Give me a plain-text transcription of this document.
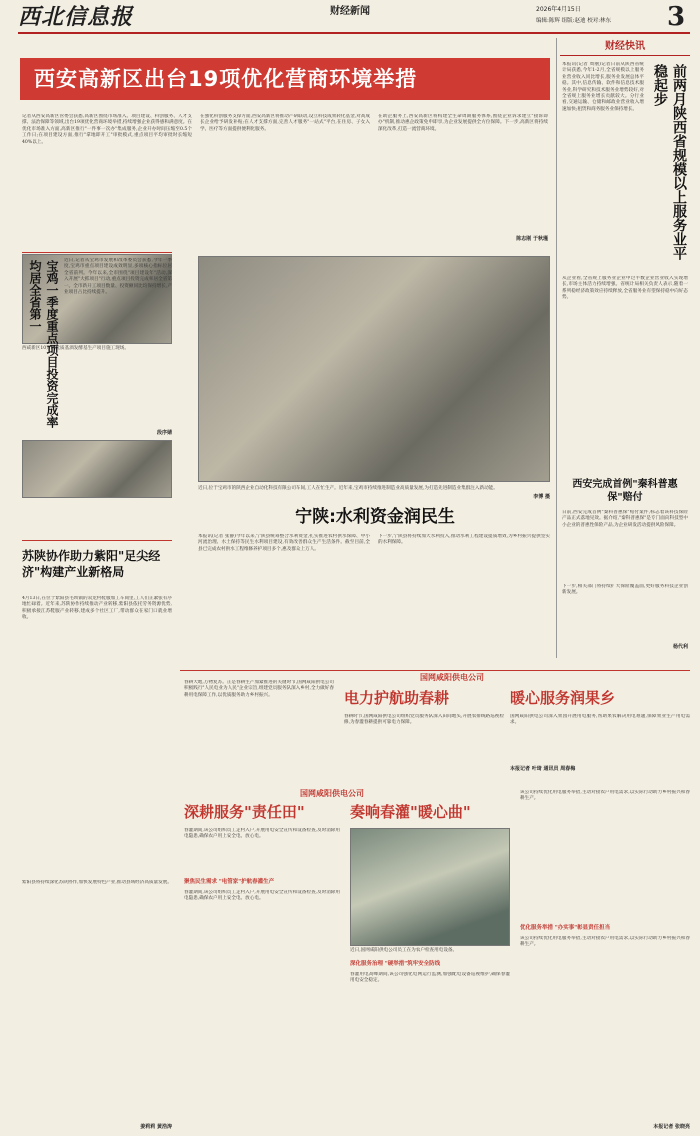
西北信息报	财经新闻	2026年4月15日	3
编辑:陈辉 组版:赵迪 校对:林东
西安高新区出台19项优化营商环境举措
记者从西安高新区管委会获悉,高新区围绕市场准入、项目建设、科创服务、人才支撑、法治保障等领域,出台19项优化营商环境举措,持续增强企业获得感和满意度。在优化市场准入方面,高新区推行"一件事一次办"集成服务,企业开办时间压缩至0.5个工作日;在项目建设方面,推行"拿地即开工"审批模式,重点项目平均审批时长缩短40%以上。
在强化科创服务支撑方面,西安高新区将推动产研联动,设立科技成果转化基金,对高成长企业给予研发补贴;在人才支撑方面,完善人才服务"一站式"平台,在住房、子女入学、医疗等方面提供便利化服务。
在助企服务上,西安高新区将构建全生命周期服务体系,围绕企业诉求建立"接诉即办"机制,推动惠企政策免申即享,为企业发展提供全方位保障。下一步,高新区将持续深化改革,打造一流营商环境。
陈志刚 于秋瑾
西咸新区10万吨优质基酒发酵基生产项目施工现场。
宝鸡一季度重点项目投资完成率均居全省第一	近日,记者从宝鸡市发展和改革委员会获悉,今年一季度,宝鸡市重点项目建设成效明显,多项核心指标位居全省前列。今年以来,全市围绕"项目建设年"活动,深入开展"大抓项目"行动,重点项目投资完成率居全省第一。全市新开工项目数量、投资额同比均保持增长,产业项目占比持续提升。
段序婧
近日,位于宝鸡市的陕西企业自动化科技有限公司车间,工人在忙生产。近年来,宝鸡市持续推进制造业高质量发展,为打造先进制造业集群注入新动能。
李博 摄
宁陕:水利资金润民生
本报讯(记者 张静)今年以来,宁陕县统筹整合水利资金,扎实推进农村供水保障、中小河流治理、水土保持等民生水利项目建设,有效改善群众生产生活条件。截至目前,全县已完成农村供水工程维修养护项目多个,惠及群众上万人。
下一步,宁陕县将持续加大水利投入,推动水利工程建设提质增效,为乡村振兴提供坚实的水利保障。
苏陕协作助力紫阳"足尖经济"构建产业新格局
4月13日,在位于紫阳县毛坝镇的双龙村鞋服加工车间里,工人们正紧张有序地忙碌着。近年来,苏陕协作持续推动产业转移,紫阳县依托劳务资源优势,积极承接江苏鞋服产业转移,建成多个社区工厂,带动群众在家门口就业增收。
紫阳县将持续深化苏陕协作,加快发展特色产业,推动县域经济高质量发展。
姜莉莉 黄浩涛
财经快讯
前两月陕西省规模以上服务业平稳起步
本报讯(记者 周丽)记者日前从陕西省统计局获悉,今年1-2月,全省规模以上服务业营业收入同比增长,服务业发展总体平稳。其中,信息传输、软件和信息技术服务业,科学研究和技术服务业增势较好,对全省规上服务业增长贡献较大。分行业看,交通运输、仓储和邮政业营业收入增速加快;租赁和商务服务业保持增长。
从企业看,全省规上服务业企业中过半数企业营业收入实现增长,市场主体活力持续增强。省统计局相关负责人表示,随着一系列稳经济政策效应持续释放,全省服务业有望保持稳中向好态势。
西安完成首例"秦科普惠保"赔付
日前,西安完成首例"秦科普惠保"赔付案件,标志着该科技保险产品正式落地见效。据介绍,"秦科普惠保"是专门面向科技型中小企业的普惠性保险产品,为企业研发活动提供风险保障。
下一步,相关部门将持续扩大保险覆盖面,更好服务科技企业创新发展。
杨代利
国网咸阳供电公司
春耕大地,万物复苏。正是春耕生产加紧推进的关键时节,国网咸阳供电公司积极践行"人民电业为人民"企业宗旨,组建党员服务队深入乡村,全力做好春耕用电保障工作,以优质服务助力乡村振兴。	电力护航助春耕	暖心服务润果乡
春耕时节,国网咸阳供电公司组织党员服务队深入田间地头,开展农排线路巡视检修,为春灌春耕提供可靠电力保障。
国网咸阳供电公司深入果园开展用电服务,帮助果农解决用电难题,保障果业生产用电需求。
本报记者 叶琦 通讯员 周春梅
国网咸阳供电公司
深耕服务"责任田"	奏响春灌"暖心曲"
春灌期间,该公司组织员工走村入户,开展用电安全宣传和设备检查,及时消除用电隐患,确保农户用上安全电、放心电。
聚焦民生需求 "电管家"护航春灌生产
春灌期间,该公司组织员工走村入户,开展用电安全宣传和设备检查,及时消除用电隐患,确保农户用上安全电、放心电。
近日,国网咸阳供电公司员工在为农户检查用电设备。
深化服务治理 "硬举措"筑牢安全防线
春灌用电高峰期间,该公司强化电网运行监测,加强配电设备巡视维护,确保春灌用电安全稳定。
该公司持续优化用电服务举措,主动对接农户用电需求,以实际行动助力乡村振兴和春耕生产。
优化服务举措 "办实事"彰显责任担当
该公司持续优化用电服务举措,主动对接农户用电需求,以实际行动助力乡村振兴和春耕生产。
本报记者 张晓亮
